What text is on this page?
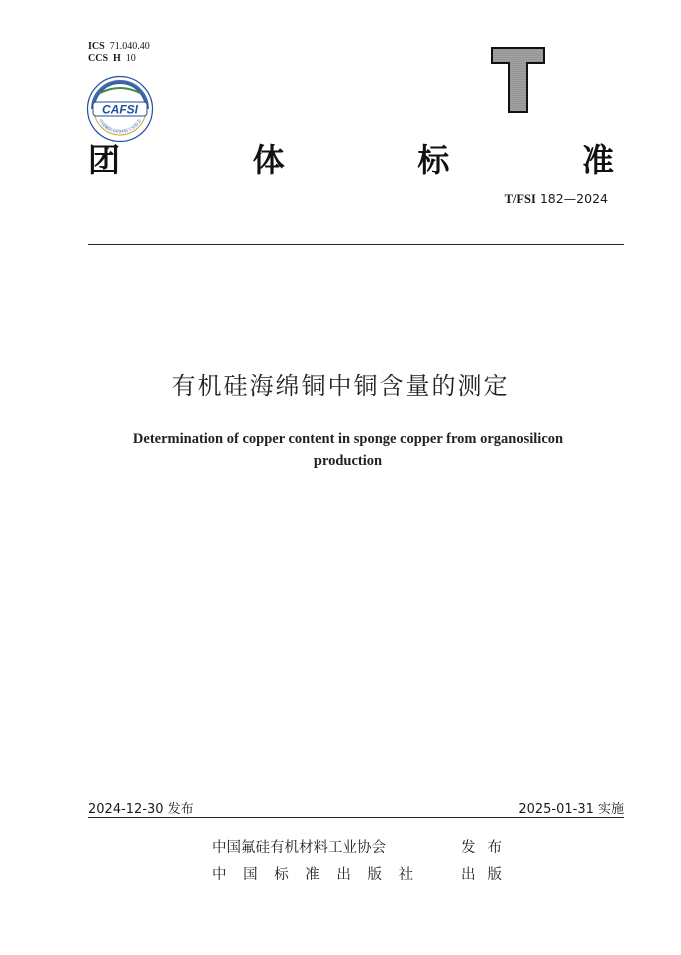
ICS 71.040.40
CCS H 10
CAFSI
中国氟硅有机材料工业协会
团	体	标	准
T/FSI 182—2024
有机硅海绵铜中铜含量的测定
Determination of copper content in sponge copper from organosilicon production
2024-12-30 发布	2025-01-31 实施
中国氟硅有机材料工业协会	发布
中国标准出版社 出版
